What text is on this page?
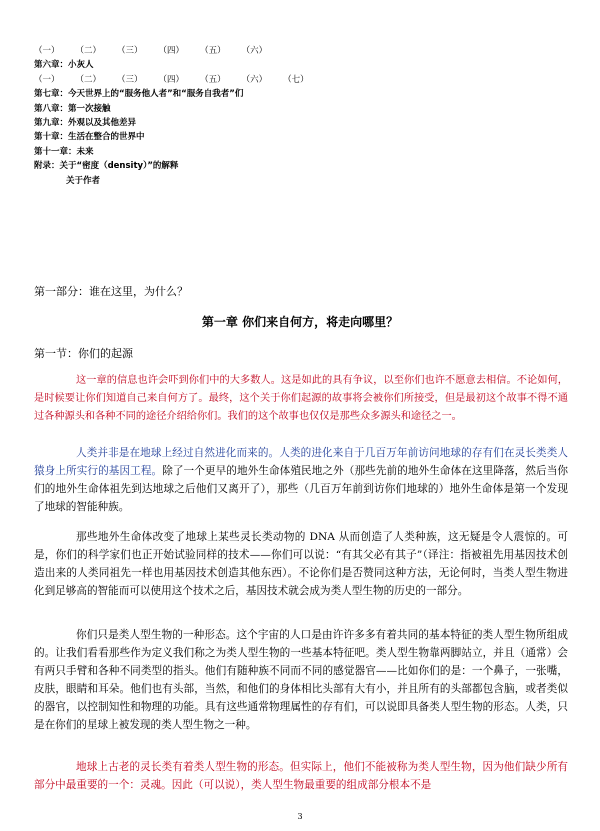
（一） （二） （三） （四） （五） （六）
第六章：小灰人
（一） （二） （三） （四） （五） （六） （七）
第七章：今天世界上的“服务他人者”和“服务自我者”们
第八章：第一次接触
第九章：外观以及其他差异
第十章：生活在整合的世界中
第十一章：未来
附录：关于“密度（density）”的解释
关于作者
第一部分：谁在这里，为什么？
第一章 你们来自何方，将走向哪里？
第一节：你们的起源

这一章的信息也许会吓到你们中的大多数人。这是如此的具有争议，以至你们也许不愿意去相信。不论如何，是时候要让你们知道自己来自何方了。最终，这个关于你们起源的故事将会被你们所接受，但是最初这个故事不得不通过各种源头和各种不同的途径介绍给你们。我们的这个故事也仅仅是那些众多源头和途径之一。

人类并非是在地球上经过自然进化而来的。人类的进化来自于几百万年前访问地球的存有们在灵长类类人猿身上所实行的基因工程。除了一个更早的地外生命体殖民地之外（那些先前的地外生命体在这里降落，然后当你们的地外生命体祖先到达地球之后他们又离开了），那些（几百万年前到访你们地球的）地外生命体是第一个发现了地球的智能种族。

那些地外生命体改变了地球上某些灵长类动物的 DNA 从而创造了人类种族，这无疑是令人震惊的。可是，你们的科学家们也正开始试验同样的技术——你们可以说：“有其父必有其子”（译注：指被祖先用基因技术创造出来的人类同祖先一样也用基因技术创造其他东西）。不论你们是否赞同这种方法，无论何时，当类人型生物进化到足够高的智能而可以使用这个技术之后，基因技术就会成为类人型生物的历史的一部分。

你们只是类人型生物的一种形态。这个宇宙的人口是由许许多多有着共同的基本特征的类人型生物所组成的。让我们看看那些作为定义我们称之为类人型生物的一些基本特征吧。类人型生物靠两脚站立，并且（通常）会有两只手臂和各种不同类型的指头。他们有随种族不同而不同的感觉器官——比如你们的是：一个鼻子，一张嘴，皮肤，眼睛和耳朵。他们也有头部，当然，和他们的身体相比头部有大有小，并且所有的头部都包含脑，或者类似的器官，以控制知性和物理的功能。具有这些通常物理属性的存有们，可以说即具备类人型生物的形态。人类，只是在你们的星球上被发现的类人型生物之一种。

地球上古老的灵长类有着类人型生物的形态。但实际上，他们不能被称为类人型生物，因为他们缺少所有部分中最重要的一个：灵魂。因此（可以说），类人型生物最重要的组成部分根本不是

3
